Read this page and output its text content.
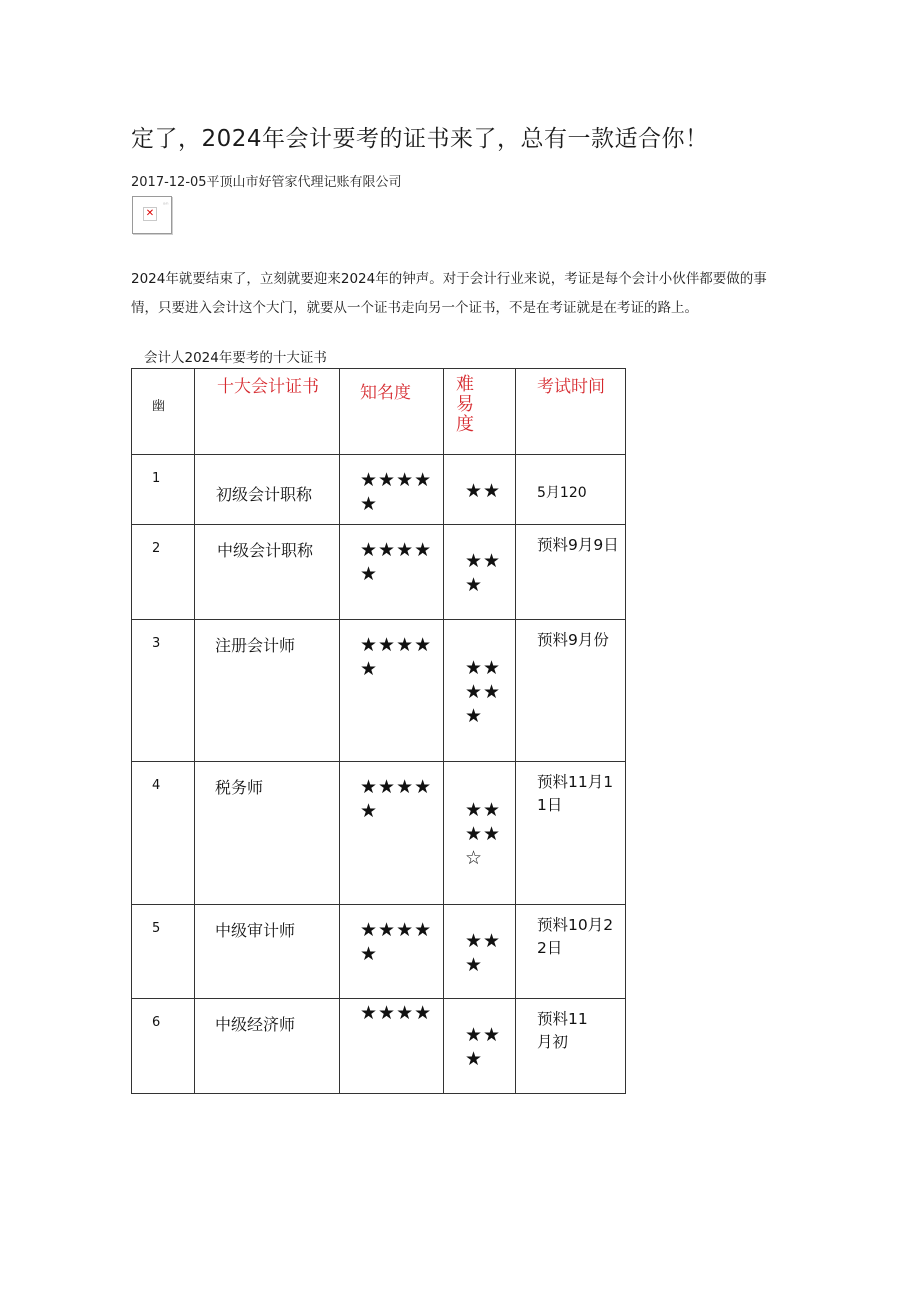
定了，2024年会计要考的证书来了，总有一款适合你！
2017-12-05平顶山市好管家代理记账有限公司
✕
ᵃⁿ
2024年就要结束了，立刻就要迎来2024年的钟声。对于会计行业来说，考证是每个会计小伙伴都要做的事情，只要进入会计这个大门，就要从一个证书走向另一个证书，不是在考证就是在考证的路上。
会计人2024年要考的十大证书
幽	十大会计证书	知名度	难易度	考试时间

1	初级会计职称	★★★★★	★★	5月120

2	中级会计职称	★★★★★	★★★	预料9月9日

3	注册会计师	★★★★★	★★★★★	预料9月份

4	税务师	★★★★★	★★★★☆	预料11月11日

5	中级审计师	★★★★★	★★★	预料10月22日

6	中级经济师	★★★★	★★★	预料11月初
